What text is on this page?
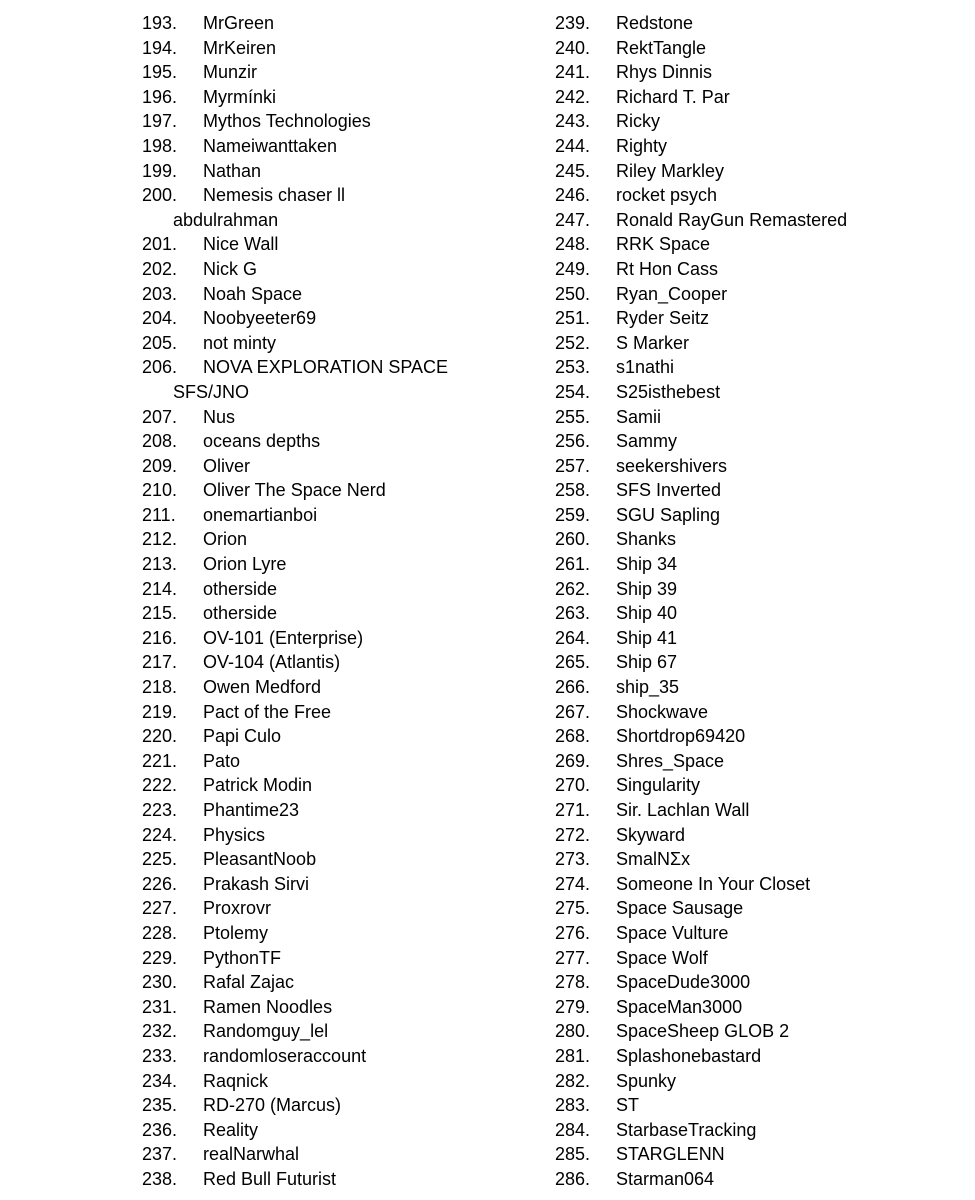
193. MrGreen
194. MrKeiren
195. Munzir
196. Myrmínki
197. Mythos Technologies
198. Nameiwanttaken
199. Nathan
200. Nemesis chaser ll
abdulrahman
201. Nice Wall
202. Nick G
203. Noah Space
204. Noobyeeter69
205. not minty
206. NOVA EXPLORATION SPACE
SFS/JNO
207. Nus
208. oceans depths
209. Oliver
210. Oliver The Space Nerd
211. onemartianboi
212. Orion
213. Orion Lyre
214. otherside
215. otherside
216. OV-101 (Enterprise)
217. OV-104 (Atlantis)
218. Owen Medford
219. Pact of the Free
220. Papi Culo
221. Pato
222. Patrick Modin
223. Phantime23
224. Physics
225. PleasantNoob
226. Prakash Sirvi
227. Proxrovr
228. Ptolemy
229. PythonTF
230. Rafal Zajac
231. Ramen Noodles
232. Randomguy_lel
233. randomloseraccount
234. Raqnick
235. RD-270 (Marcus)
236. Reality
237. realNarwhal
238. Red Bull Futurist
239. Redstone
240. RektTangle
241. Rhys Dinnis
242. Richard T. Par
243. Ricky
244. Righty
245. Riley Markley
246. rocket psych
247. Ronald RayGun Remastered
248. RRK Space
249. Rt Hon Cass
250. Ryan_Cooper
251. Ryder Seitz
252. S Marker
253. s1nathi
254. S25isthebest
255. Samii
256. Sammy
257. seekershivers
258. SFS Inverted
259. SGU Sapling
260. Shanks
261. Ship 34
262. Ship 39
263. Ship 40
264. Ship 41
265. Ship 67
266. ship_35
267. Shockwave
268. Shortdrop69420
269. Shres_Space
270. Singularity
271. Sir. Lachlan Wall
272. Skyward
273. SmalNΣx
274. Someone In Your Closet
275. Space Sausage
276. Space Vulture
277. Space Wolf
278. SpaceDude3000
279. SpaceMan3000
280. SpaceSheep GLOB 2
281. Splashonebastard
282. Spunky
283. ST
284. StarbaseTracking
285. STARGLENN
286. Starman064
